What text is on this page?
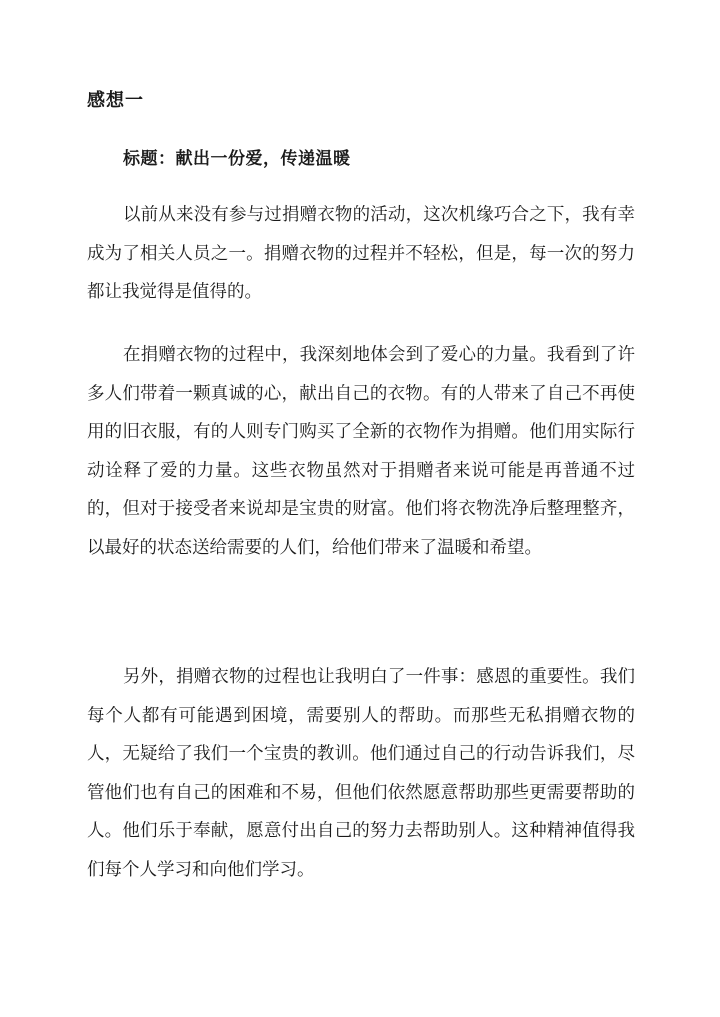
感想一
标题：献出一份爱，传递温暖

以前从来没有参与过捐赠衣物的活动，这次机缘巧合之下，我有幸成为了相关人员之一。捐赠衣物的过程并不轻松，但是，每一次的努力都让我觉得是值得的。

在捐赠衣物的过程中，我深刻地体会到了爱心的力量。我看到了许多人们带着一颗真诚的心，献出自己的衣物。有的人带来了自己不再使用的旧衣服，有的人则专门购买了全新的衣物作为捐赠。他们用实际行动诠释了爱的力量。这些衣物虽然对于捐赠者来说可能是再普通不过的，但对于接受者来说却是宝贵的财富。他们将衣物洗净后整理整齐，以最好的状态送给需要的人们，给他们带来了温暖和希望。

另外，捐赠衣物的过程也让我明白了一件事：感恩的重要性。我们每个人都有可能遇到困境，需要别人的帮助。而那些无私捐赠衣物的人，无疑给了我们一个宝贵的教训。他们通过自己的行动告诉我们，尽管他们也有自己的困难和不易，但他们依然愿意帮助那些更需要帮助的人。他们乐于奉献，愿意付出自己的努力去帮助别人。这种精神值得我们每个人学习和向他们学习。
